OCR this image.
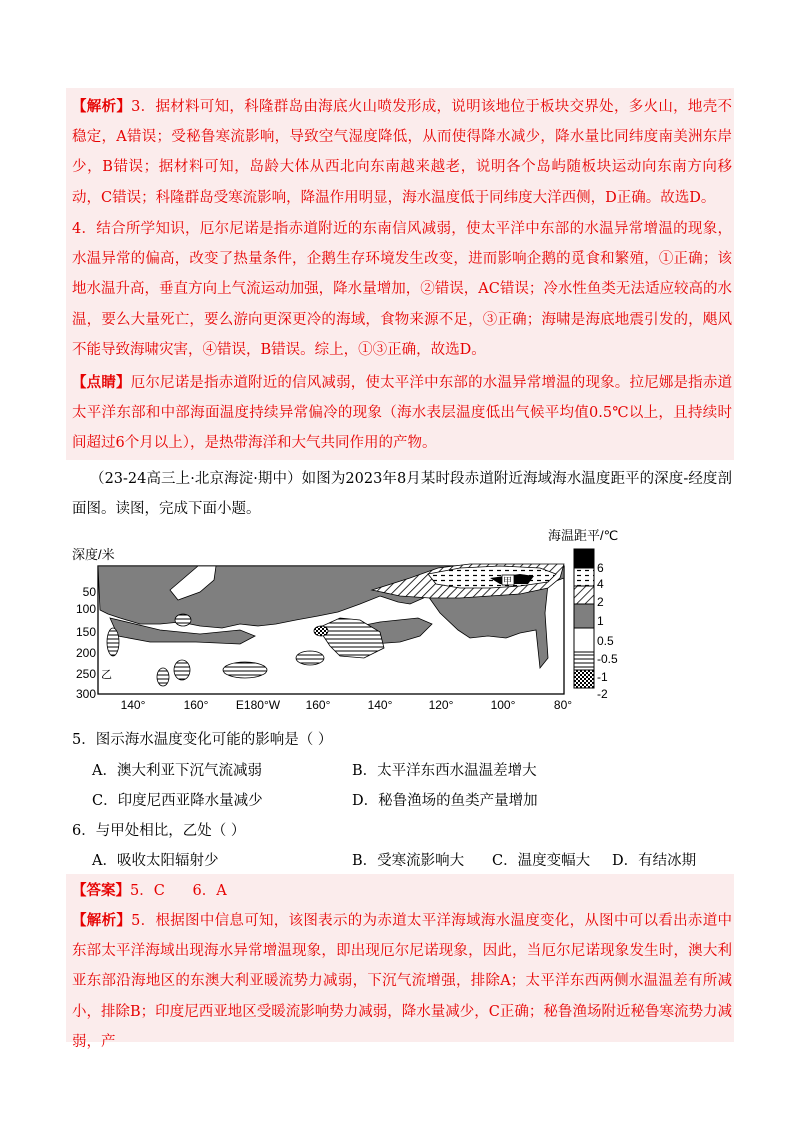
【解析】3．据材料可知，科隆群岛由海底火山喷发形成，说明该地位于板块交界处，多火山，地壳不稳定，A错误；受秘鲁寒流影响，导致空气湿度降低，从而使得降水减少，降水量比同纬度南美洲东岸少，B错误；据材料可知，岛龄大体从西北向东南越来越老，说明各个岛屿随板块运动向东南方向移动，C错误；科隆群岛受寒流影响，降温作用明显，海水温度低于同纬度大洋西侧，D正确。故选D。

4．结合所学知识，厄尔尼诺是指赤道附近的东南信风减弱，使太平洋中东部的水温异常增温的现象，水温异常的偏高，改变了热量条件，企鹅生存环境发生改变，进而影响企鹅的觅食和繁殖，①正确；该地水温升高，垂直方向上气流运动加强，降水量增加，②错误，AC错误；冷水性鱼类无法适应较高的水温，要么大量死亡，要么游向更深更冷的海域，食物来源不足，③正确；海啸是海底地震引发的，飓风不能导致海啸灾害，④错误，B错误。综上，①③正确，故选D。

【点睛】厄尔尼诺是指赤道附近的信风减弱，使太平洋中东部的水温异常增温的现象。拉尼娜是指赤道太平洋东部和中部海面温度持续异常偏冷的现象（海水表层温度低出气候平均值0.5℃以上，且持续时间超过6个月以上），是热带海洋和大气共同作用的产物。

（23-24高三上·北京海淀·期中）如图为2023年8月某时段赤道附近海域海水温度距平的深度-经度剖面图。读图，完成下面小题。

深度/米
甲
乙
50
100
150
200
250
300
140°	160° E180°W 160°	140°	120°	100°	80°
海温距平/℃
6
4
2
1
0.5
-0.5
-1
-2
5．图示海水温度变化可能的影响是（ ）
A．澳大利亚下沉气流减弱	B．太平洋东西水温温差增大
C．印度尼西亚降水量减少	D．秘鲁渔场的鱼类产量增加
6．与甲处相比，乙处（ ）
A．吸收太阳辐射少	B．受寒流影响大 C．温度变幅大 D．有结冰期

【答案】5．C      6．A

【解析】5．根据图中信息可知，该图表示的为赤道太平洋海域海水温度变化，从图中可以看出赤道中东部太平洋海域出现海水异常增温现象，即出现厄尔尼诺现象，因此，当厄尔尼诺现象发生时，澳大利亚东部沿海地区的东澳大利亚暖流势力减弱，下沉气流增强，排除A；太平洋东西两侧水温温差有所减小，排除B；印度尼西亚地区受暖流影响势力减弱，降水量减少，C正确；秘鲁渔场附近秘鲁寒流势力减弱，产
